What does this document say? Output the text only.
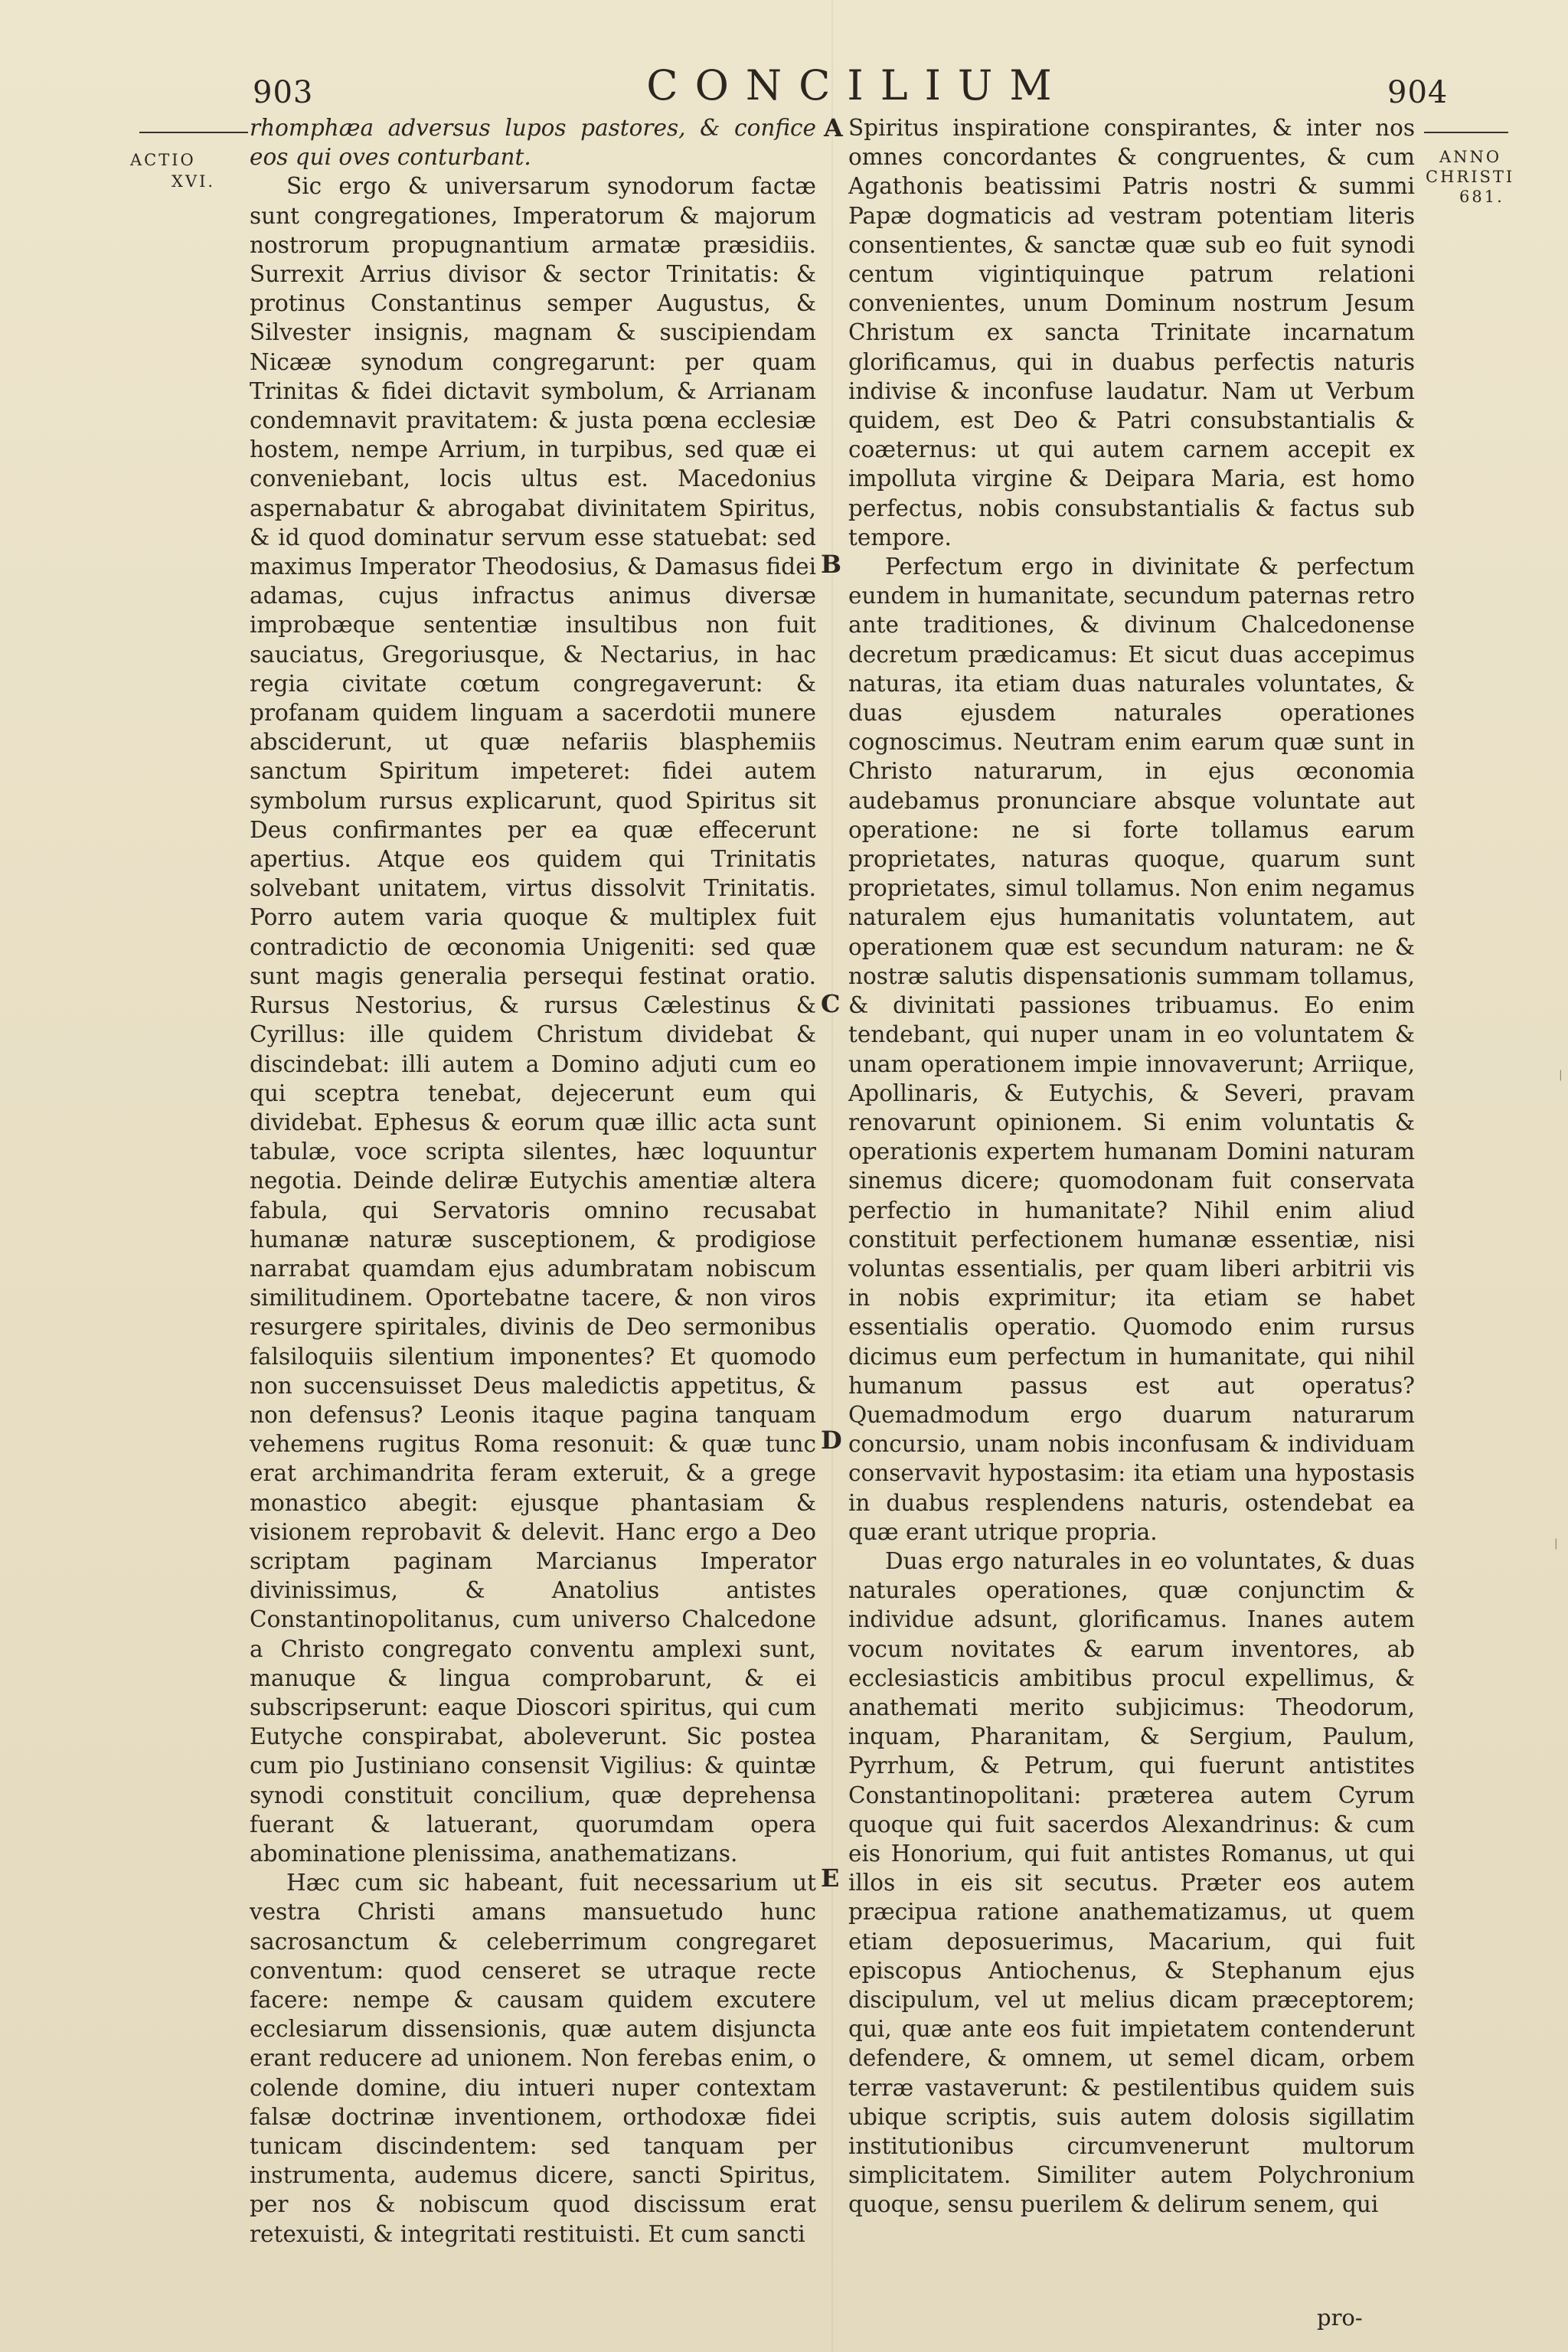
903	CONCILIUM	904
ACTIO
XVI.
ANNO
CHRISTI
681.
A
B
C
D
E

rhomphæa adversus lupos pastores, & confice eos qui oves conturbant.

Sic ergo & universarum synodorum factæ sunt congregationes, Imperatorum & majorum nostrorum propugnantium armatæ præsidiis. Surrexit Arrius divisor & sector Trinitatis: & protinus Constantinus semper Augustus, & Silvester insignis, magnam & suscipiendam Nicææ synodum congregarunt: per quam Trinitas & fidei dictavit symbolum, & Arrianam condemnavit pravitatem: & justa pœna ecclesiæ hostem, nempe Arrium, in turpibus, sed quæ ei conveniebant, locis ultus est. Macedonius aspernabatur & abrogabat divinitatem Spiritus, & id quod dominatur servum esse statuebat: sed maximus Imperator Theodosius, & Damasus fidei adamas, cujus infractus animus diversæ improbæque sententiæ insultibus non fuit sauciatus, Gregoriusque, & Nectarius, in hac regia civitate cœtum congregaverunt: & profanam quidem linguam a sacerdotii munere absciderunt, ut quæ nefariis blasphemiis sanctum Spiritum impeteret: fidei autem symbolum rursus explicarunt, quod Spiritus sit Deus confirmantes per ea quæ effecerunt apertius. Atque eos quidem qui Trinitatis solvebant unitatem, virtus dissolvit Trinitatis. Porro autem varia quoque & multiplex fuit contradictio de œconomia Unigeniti: sed quæ sunt magis generalia persequi festinat oratio. Rursus Nestorius, & rursus Cælestinus & Cyrillus: ille quidem Christum dividebat & discindebat: illi autem a Domino adjuti cum eo qui sceptra tenebat, dejecerunt eum qui dividebat. Ephesus & eorum quæ illic acta sunt tabulæ, voce scripta silentes, hæc loquuntur negotia. Deinde deliræ Eutychis amentiæ altera fabula, qui Servatoris omnino recusabat humanæ naturæ susceptionem, & prodigiose narrabat quamdam ejus adumbratam nobiscum similitudinem. Oportebatne tacere, & non viros resurgere spiritales, divinis de Deo sermonibus falsiloquiis silentium imponentes? Et quomodo non succensuisset Deus maledictis appetitus, & non defensus? Leonis itaque pagina tanquam vehemens rugitus Roma resonuit: & quæ tunc erat archimandrita feram exteruit, & a grege monastico abegit: ejusque phantasiam & visionem reprobavit & delevit. Hanc ergo a Deo scriptam paginam Marcianus Imperator divinissimus, & Anatolius antistes Constantinopolitanus, cum universo Chalcedone a Christo congregato conventu amplexi sunt, manuque & lingua comprobarunt, & ei subscripserunt: eaque Dioscori spiritus, qui cum Eutyche conspirabat, aboleverunt. Sic postea cum pio Justiniano consensit Vigilius: & quintæ synodi constituit concilium, quæ deprehensa fuerant & latuerant, quorumdam opera abominatione plenissima, anathematizans.

Hæc cum sic habeant, fuit necessarium ut vestra Christi amans mansuetudo hunc sacrosanctum & celeberrimum congregaret conventum: quod censeret se utraque recte facere: nempe & causam quidem excutere ecclesiarum dissensionis, quæ autem disjuncta erant reducere ad unionem. Non ferebas enim, o colende domine, diu intueri nuper contextam falsæ doctrinæ inventionem, orthodoxæ fidei tunicam discindentem: sed tanquam per instrumenta, audemus dicere, sancti Spiritus, per nos & nobiscum quod discissum erat retexuisti, & integritati restituisti. Et cum sancti

Spiritus inspiratione conspirantes, & inter nos omnes concordantes & congruentes, & cum Agathonis beatissimi Patris nostri & summi Papæ dogmaticis ad vestram potentiam literis consentientes, & sanctæ quæ sub eo fuit synodi centum vigintiquinque patrum relationi convenientes, unum Dominum nostrum Jesum Christum ex sancta Trinitate incarnatum glorificamus, qui in duabus perfectis naturis indivise & inconfuse laudatur. Nam ut Verbum quidem, est Deo & Patri consubstantialis & coæternus: ut qui autem carnem accepit ex impolluta virgine & Deipara Maria, est homo perfectus, nobis consubstantialis & factus sub tempore.

Perfectum ergo in divinitate & perfectum eundem in humanitate, secundum paternas retro ante traditiones, & divinum Chalcedonense decretum prædicamus: Et sicut duas accepimus naturas, ita etiam duas naturales voluntates, & duas ejusdem naturales operationes cognoscimus. Neutram enim earum quæ sunt in Christo naturarum, in ejus œconomia audebamus pronunciare absque voluntate aut operatione: ne si forte tollamus earum proprietates, naturas quoque, quarum sunt proprietates, simul tollamus. Non enim negamus naturalem ejus humanitatis voluntatem, aut operationem quæ est secundum naturam: ne & nostræ salutis dispensationis summam tollamus, & divinitati passiones tribuamus. Eo enim tendebant, qui nuper unam in eo voluntatem & unam operationem impie innovaverunt; Arriique, Apollinaris, & Eutychis, & Severi, pravam renovarunt opinionem. Si enim voluntatis & operationis expertem humanam Domini naturam sinemus dicere; quomodonam fuit conservata perfectio in humanitate? Nihil enim aliud constituit perfectionem humanæ essentiæ, nisi voluntas essentialis, per quam liberi arbitrii vis in nobis exprimitur; ita etiam se habet essentialis operatio. Quomodo enim rursus dicimus eum perfectum in humanitate, qui nihil humanum passus est aut operatus? Quemadmodum ergo duarum naturarum concursio, unam nobis inconfusam & individuam conservavit hypostasim: ita etiam una hypostasis in duabus resplendens naturis, ostendebat ea quæ erant utrique propria.

Duas ergo naturales in eo voluntates, & duas naturales operationes, quæ conjunctim & individue adsunt, glorificamus. Inanes autem vocum novitates & earum inventores, ab ecclesiasticis ambitibus procul expellimus, & anathemati merito subjicimus: Theodorum, inquam, Pharanitam, & Sergium, Paulum, Pyrrhum, & Petrum, qui fuerunt antistites Constantinopolitani: præterea autem Cyrum quoque qui fuit sacerdos Alexandrinus: & cum eis Honorium, qui fuit antistes Romanus, ut qui illos in eis sit secutus. Præter eos autem præcipua ratione anathematizamus, ut quem etiam deposuerimus, Macarium, qui fuit episcopus Antiochenus, & Stephanum ejus discipulum, vel ut melius dicam præceptorem; qui, quæ ante eos fuit impietatem contenderunt defendere, & omnem, ut semel dicam, orbem terræ vastaverunt: & pestilentibus quidem suis ubique scriptis, suis autem dolosis sigillatim institutionibus circumvenerunt multorum simplicitatem. Similiter autem Polychronium quoque, sensu puerilem & delirum senem, qui

pro-
|
|
